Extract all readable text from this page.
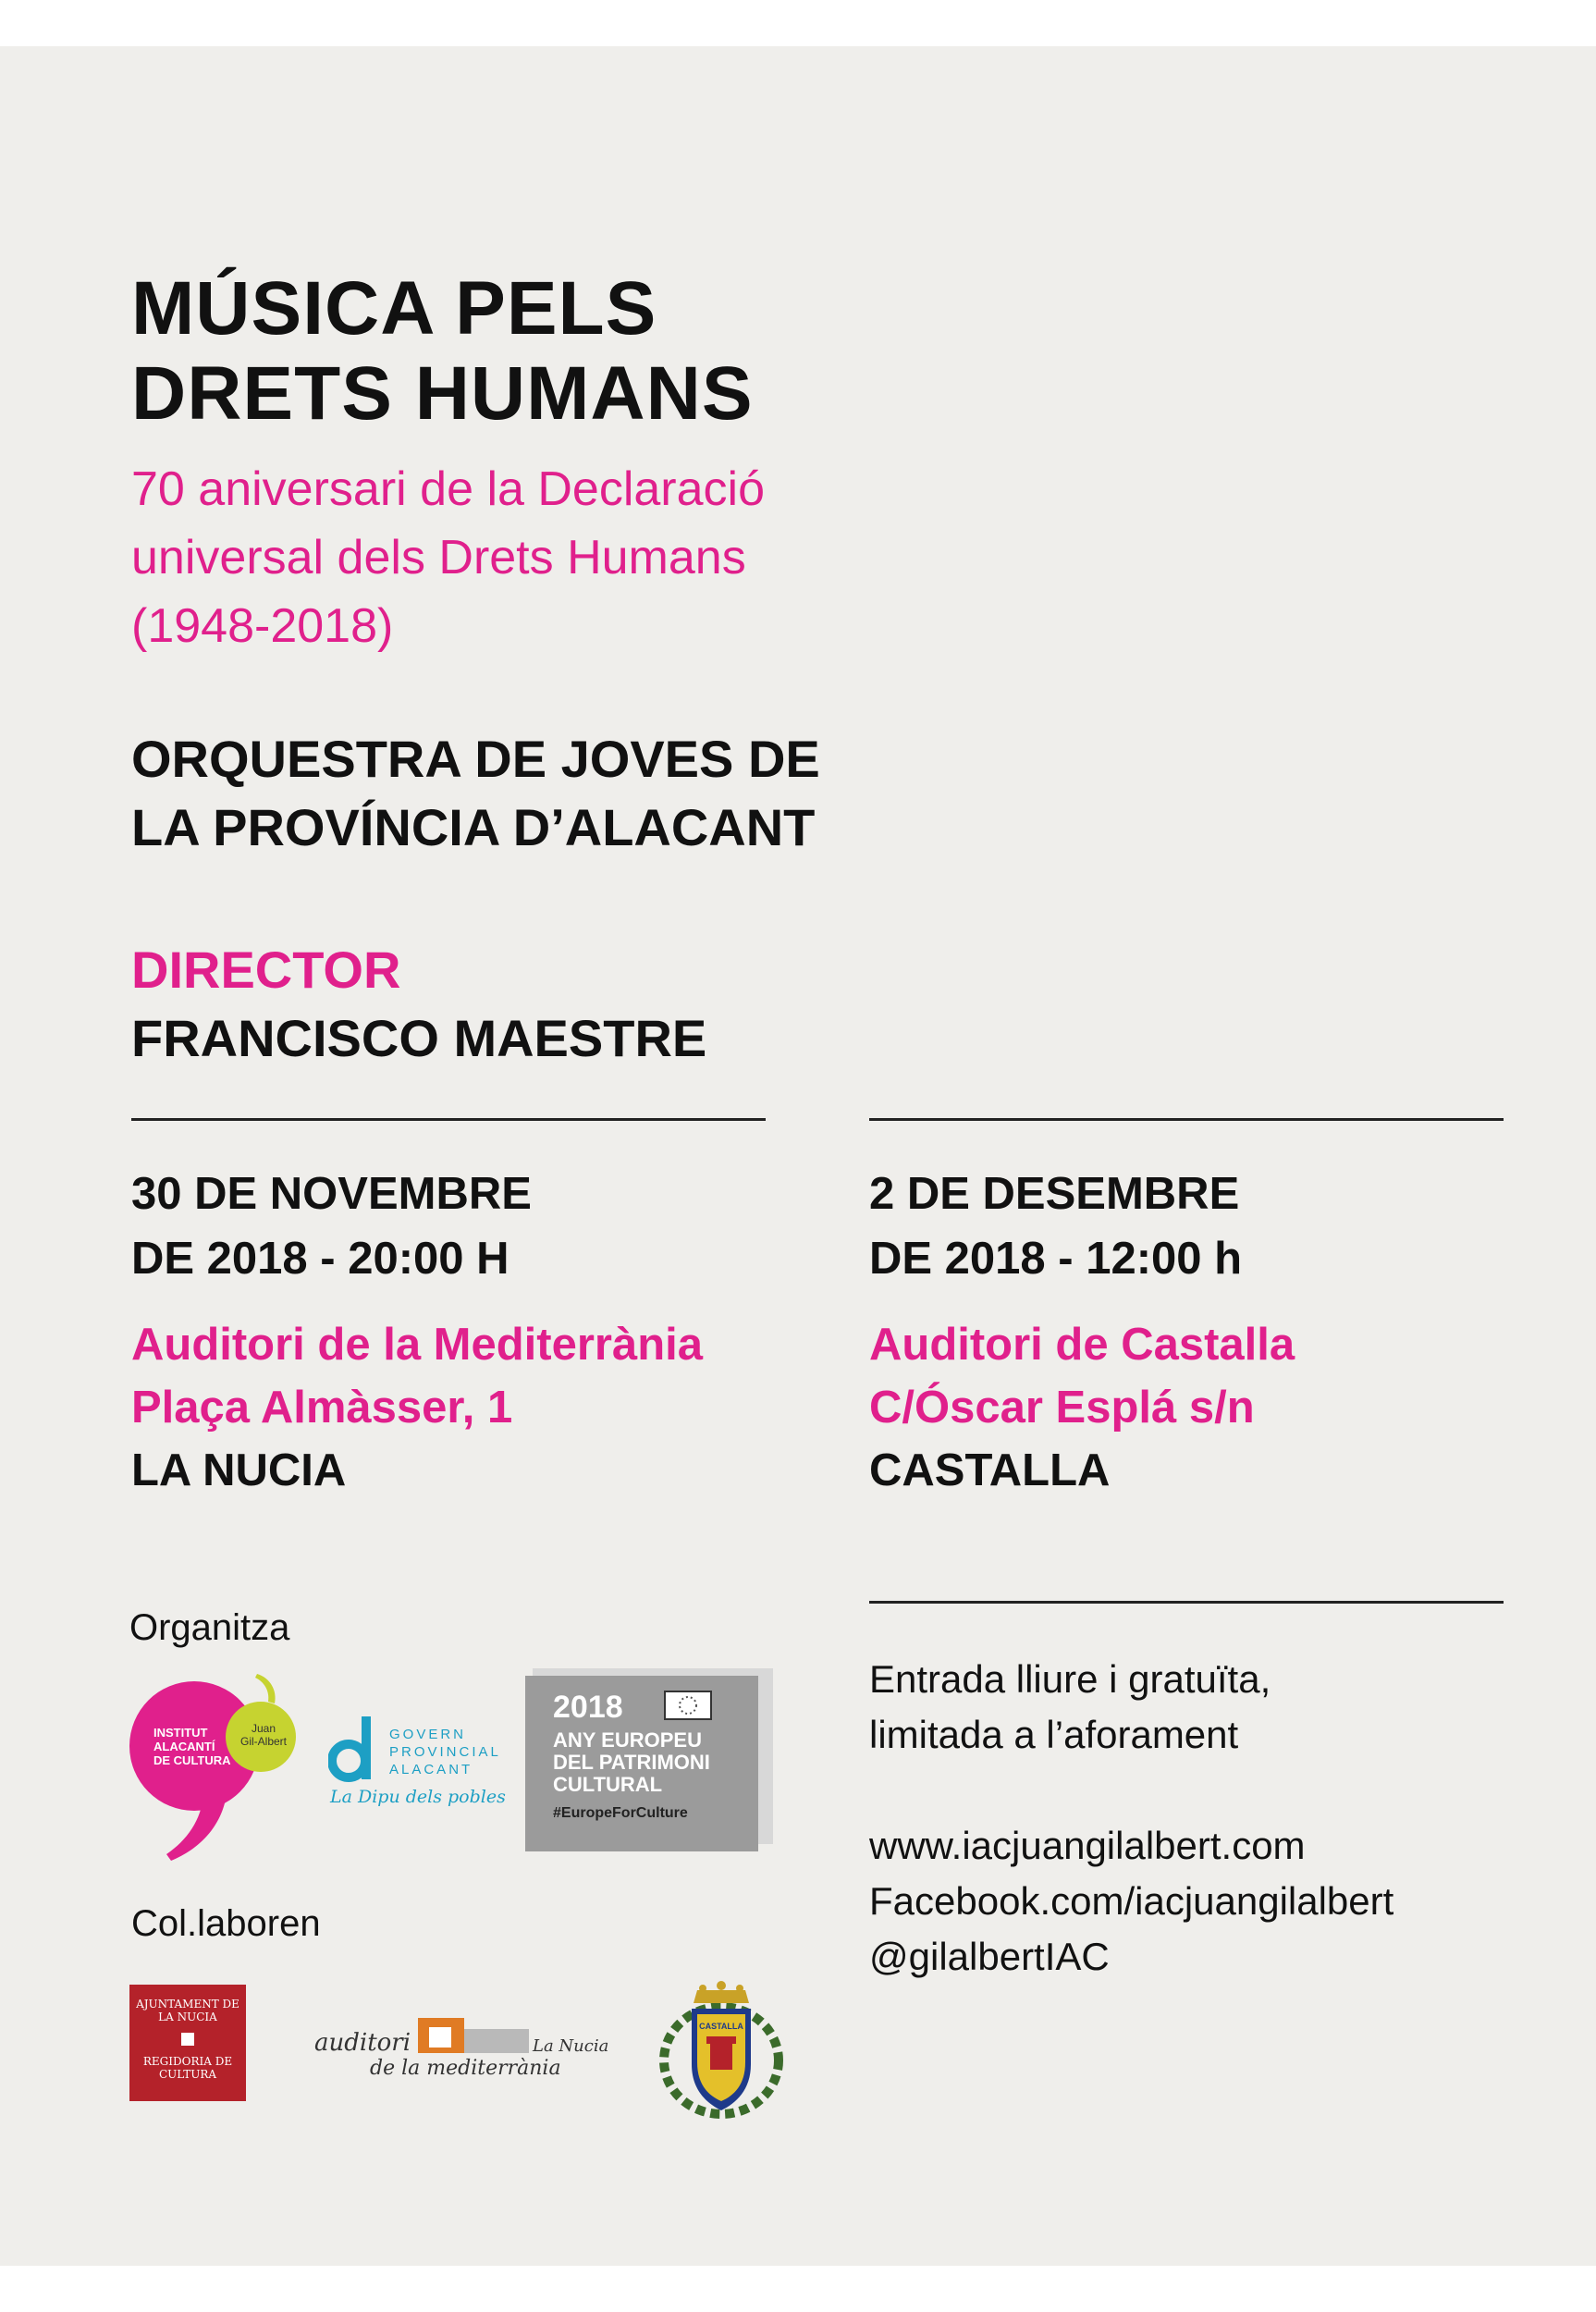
MÚSICA PELS
DRETS HUMANS
70 aniversari de la Declaració
universal dels Drets Humans
(1948-2018)
ORQUESTRA DE JOVES DE
LA PROVÍNCIA D’ALACANT
DIRECTOR
FRANCISCO MAESTRE
30 DE NOVEMBRE
DE 2018 - 20:00 H
Auditori de la Mediterrània
Plaça Almàsser, 1
LA NUCIA
2 DE DESEMBRE
DE 2018 - 12:00 h
Auditori de Castalla
C/Óscar Esplá s/n
CASTALLA
Entrada lliure i gratuïta,
limitada a l’aforament
www.iacjuangilalbert.com
Facebook.com/iacjuangilalbert
@gilalbertIAC
Organitza
INSTITUT
ALACANTÍ
DE CULTURA
Juan
Gil-Albert	GOVERN
PROVINCIAL
ALACANT
La Dipu dels pobles
2018
ANY EUROPEU
DEL PATRIMONI
CULTURAL
#EuropeForCulture
Col.laboren
AJUNTAMENT DE
LA NUCIA
REGIDORIA DE
CULTURA
auditori
de la mediterrània
La Nucia
CASTALLA
